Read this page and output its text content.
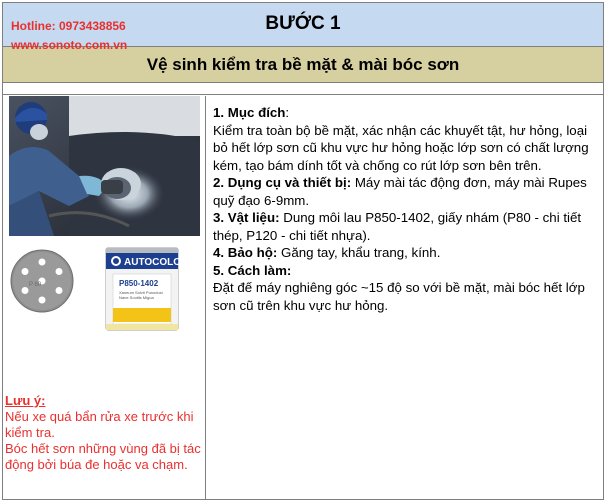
BƯỚC 1
Hotline: 0973438856
www.sonoto.com.vn
Vệ sinh kiểm tra bề mặt & mài bóc sơn
P 80
AUTOCOLOR
P850-1402
Xaneum Solvit Punodusi
Nane Soultis Mlgua
Lưu ý:
Nếu xe quá bẩn rửa xe trước khi kiểm tra.
Bóc hết sơn những vùng đã bị tác động bởi búa đe hoặc va chạm.

1. Mục đích:
Kiểm tra toàn bộ bề mặt, xác nhận các khuyết tật, hư hỏng, loại bỏ hết lớp sơn cũ khu vực hư hỏng hoặc lớp sơn có chất lượng kém, tạo bám dính tốt và chống co rút lớp sơn bên trên.

2. Dụng cụ và thiết bị: Máy mài tác động đơn, máy mài Rupes quỹ đạo 6-9mm.

3. Vật liệu: Dung môi lau P850-1402, giấy nhám (P80 - chi tiết thép, P120 - chi tiết nhựa).

4. Bảo hộ: Găng tay, khẩu trang, kính.

5. Cách làm:
Đặt đế máy nghiêng góc ~15 độ so với bề mặt, mài bóc hết lớp sơn cũ trên khu vực hư hỏng.
